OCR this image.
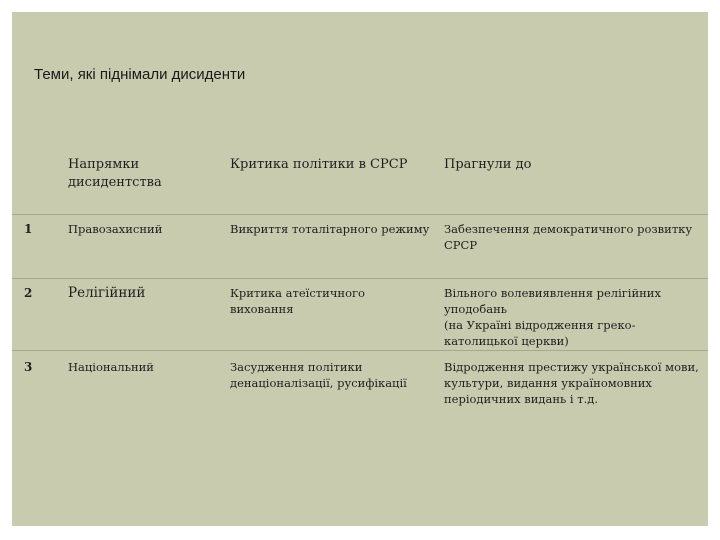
Теми, які піднімали дисиденти

	Напрямки дисидентства	Критика політики в СРСР	Прагнули до

1	Правозахисний	Викриття тоталітарного режиму	Забезпечення демократичного розвитку СРСР

2	Релігійний	Критика атеїстичного виховання	Вільного волевиявлення релігійних уподобань
(на Україні відродження греко-католицької церкви)

3	Національний	Засудження політики денаціоналізації, русифікації	Відродження престижу української мови, культури, видання україномовних періодичних видань і т.д.
